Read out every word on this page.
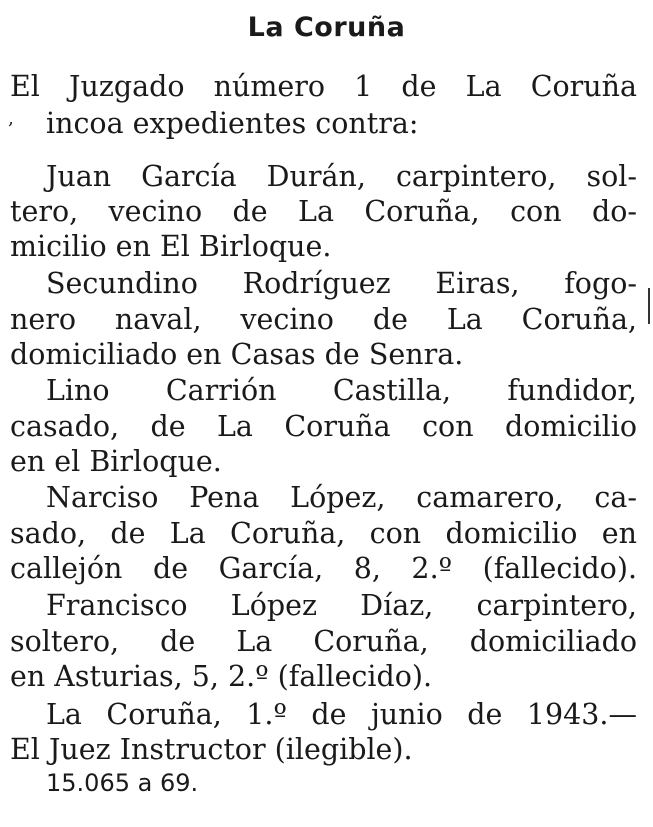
La Coruña
El Juzgado número 1 de La Coruña
incoa expedientes contra:
Juan García Durán, carpintero, sol-
tero, vecino de La Coruña, con do-
micilio en El Birloque.
Secundino Rodríguez Eiras, fogo-
nero naval, vecino de La Coruña,
domiciliado en Casas de Senra.
Lino Carrión Castilla, fundidor,
casado, de La Coruña con domicilio
en el Birloque.
Narciso Pena López, camarero, ca-
sado, de La Coruña, con domicilio en
callejón de García, 8, 2.º (fallecido).
Francisco López Díaz, carpintero,
soltero, de La Coruña, domiciliado
en Asturias, 5, 2.º (fallecido).
La Coruña, 1.º de junio de 1943.—
El Juez Instructor (ilegible).
15.065 a 69.
‚
